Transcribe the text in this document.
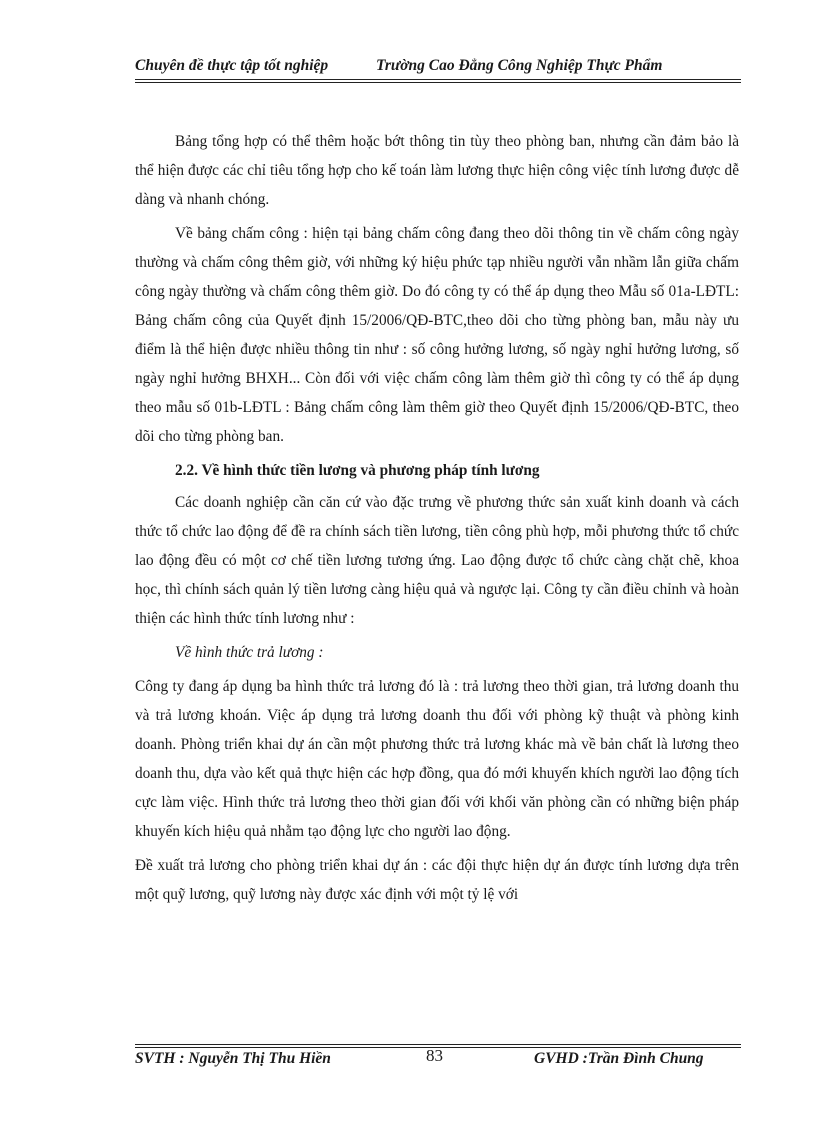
Chuyên đề thực tập tốt nghiệp	Trường Cao Đẳng Công Nghiệp Thực Phẩm

Bảng tổng hợp có thể thêm hoặc bớt thông tin tùy theo phòng ban, nhưng cần đảm bảo là thể hiện được các chỉ tiêu tổng hợp cho kế toán làm lương thực hiện công việc tính lương được dễ dàng và nhanh chóng.

Về bảng chấm công : hiện tại bảng chấm công đang theo dõi thông tin về chấm công ngày thường và chấm công thêm giờ, với những ký hiệu phức tạp nhiều người vẫn nhầm lẫn giữa chấm công ngày thường và chấm công thêm giờ. Do đó công ty có thể áp dụng theo Mẫu số 01a-LĐTL: Bảng chấm công của Quyết định 15/2006/QĐ-BTC,theo dõi cho từng phòng ban, mẫu này ưu điểm là thể hiện được nhiều thông tin như : số công hưởng lương, số ngày nghỉ hưởng lương, số ngày nghỉ hưởng BHXH... Còn đối với việc chấm công làm thêm giờ thì công ty có thể áp dụng theo mẫu số 01b-LĐTL : Bảng chấm công làm thêm giờ theo Quyết định 15/2006/QĐ-BTC, theo dõi cho từng phòng ban.

2.2. Về hình thức tiền lương và phương pháp tính lương

Các doanh nghiệp cần căn cứ vào đặc trưng về phương thức sản xuất kinh doanh và cách thức tổ chức lao động để đề ra chính sách tiền lương, tiền công phù hợp, mỗi phương thức tổ chức lao động đều có một cơ chế tiền lương tương ứng. Lao động được tổ chức càng chặt chẽ, khoa học, thì chính sách quản lý tiền lương càng hiệu quả và ngược lại. Công ty cần điều chỉnh và hoàn thiện các hình thức tính lương như :

Về hình thức trả lương :

Công ty đang áp dụng ba hình thức trả lương đó là : trả lương theo thời gian, trả lương doanh thu và trả lương khoán. Việc áp dụng trả lương doanh thu đối với phòng kỹ thuật và phòng kinh doanh. Phòng triển khai dự án cần một phương thức trả lương khác mà về bản chất là lương theo doanh thu, dựa vào kết quả thực hiện các hợp đồng, qua đó mới khuyến khích người lao động tích cực làm việc. Hình thức trả lương theo thời gian đối với khối văn phòng cần có những biện pháp khuyến kích hiệu quả nhằm tạo động lực cho người lao động.

Đề xuất trả lương cho phòng triển khai dự án : các đội thực hiện dự án được tính lương dựa trên một quỹ lương, quỹ lương này được xác định với một tỷ lệ với

SVTH : Nguyễn Thị Thu Hiền	83	GVHD :Trần Đình Chung
